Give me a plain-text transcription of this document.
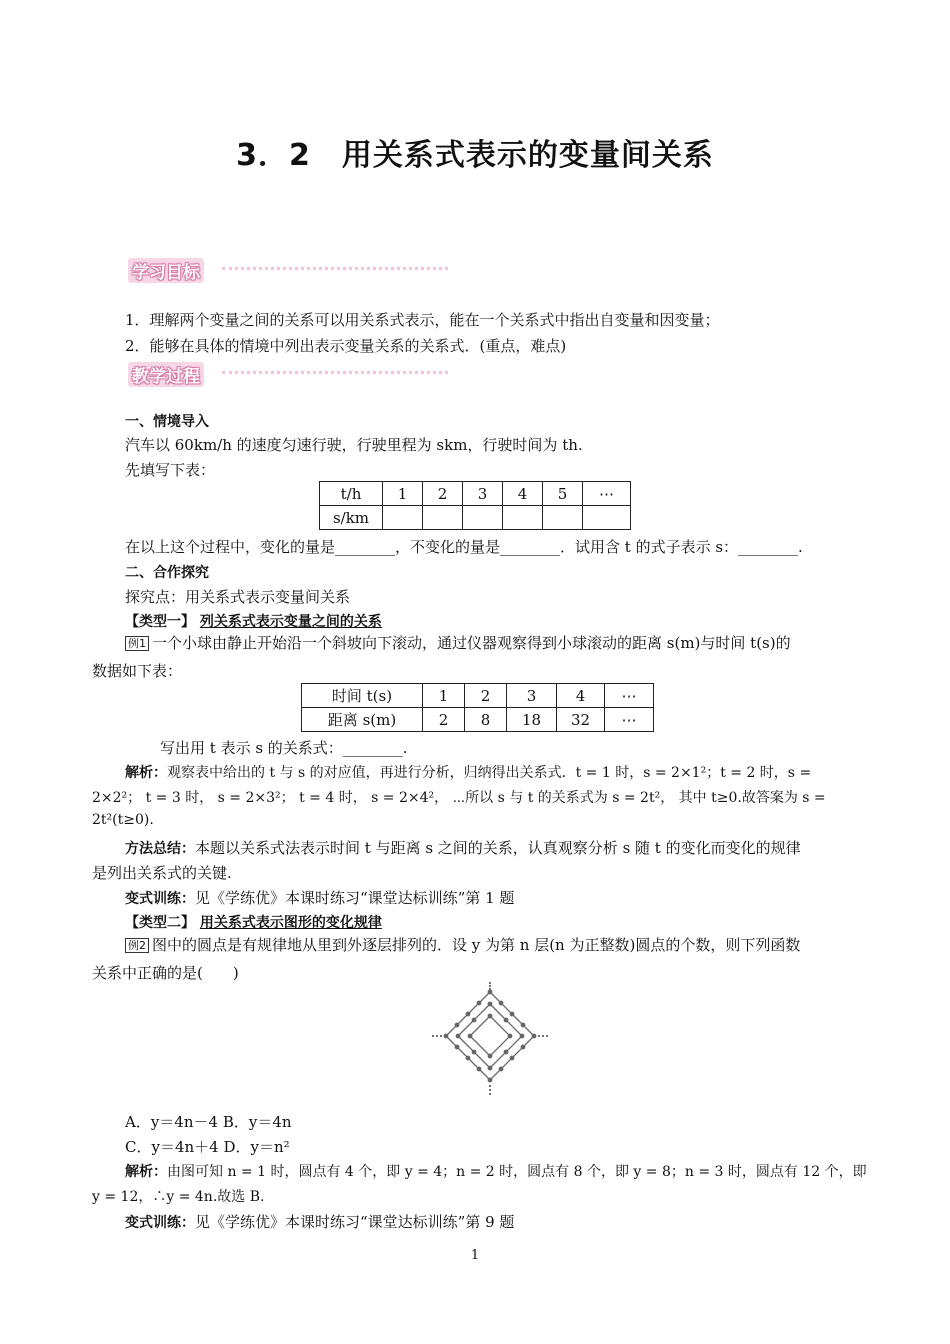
3．2　用关系式表示的变量间关系
学习目标
1．理解两个变量之间的关系可以用关系式表示，能在一个关系式中指出自变量和因变量；
2．能够在具体的情境中列出表示变量关系的关系式．(重点，难点)
教学过程
一、情境导入
汽车以 60km/h 的速度匀速行驶，行驶里程为 skm，行驶时间为 th.
先填写下表：
t/h	1	2	3	4	5	⋯
s/km						
在以上这个过程中，变化的量是________，不变化的量是________．试用含 t 的式子表示 s：________.
二、合作探究
探究点：用关系式表示变量间关系
【类型一】 列关系式表示变量之间的关系
例1 一个小球由静止开始沿一个斜坡向下滚动，通过仪器观察得到小球滚动的距离 s(m)与时间 t(s)的
数据如下表：
时间 t(s)	1	2	3	4	⋯
距离 s(m)	2	8	18	32	⋯
写出用 t 表示 s 的关系式：________.
解析：观察表中给出的 t 与 s 的对应值，再进行分析，归纳得出关系式．t = 1 时，s = 2×1²；t = 2 时，s =
2×2²； t = 3 时， s = 2×3²； t = 4 时， s = 2×4²， ⋯所以 s 与 t 的关系式为 s = 2t²， 其中 t≥0.故答案为 s =
2t²(t≥0).
方法总结：本题以关系式法表示时间 t 与距离 s 之间的关系，认真观察分析 s 随 t 的变化而变化的规律
是列出关系式的关键.
变式训练：见《学练优》本课时练习“课堂达标训练”第 1 题
【类型二】 用关系式表示图形的变化规律
例2 图中的圆点是有规律地从里到外逐层排列的．设 y 为第 n 层(n 为正整数)圆点的个数，则下列函数
关系中正确的是(　　)
A．y＝4n－4 B．y＝4n
C．y＝4n＋4 D．y＝n²
解析：由图可知 n = 1 时，圆点有 4 个，即 y = 4；n = 2 时，圆点有 8 个，即 y = 8；n = 3 时，圆点有 12 个，即
y = 12，∴y = 4n.故选 B.
变式训练：见《学练优》本课时练习“课堂达标训练”第 9 题
1
